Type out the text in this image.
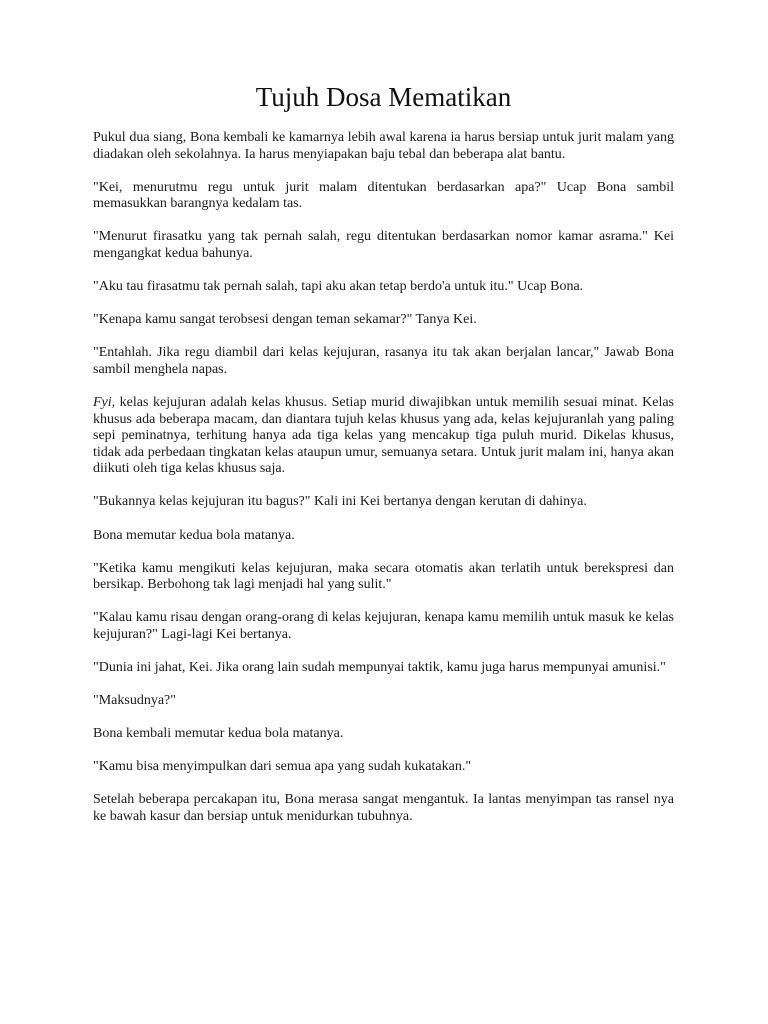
Tujuh Dosa Mematikan

Pukul dua siang, Bona kembali ke kamarnya lebih awal karena ia harus bersiap untuk jurit malam yang diadakan oleh sekolahnya. Ia harus menyiapakan baju tebal dan beberapa alat bantu.

"Kei, menurutmu regu untuk jurit malam ditentukan berdasarkan apa?" Ucap Bona sambil memasukkan barangnya kedalam tas.

"Menurut firasatku yang tak pernah salah, regu ditentukan berdasarkan nomor kamar asrama." Kei mengangkat kedua bahunya.

"Aku tau firasatmu tak pernah salah, tapi aku akan tetap berdo'a untuk itu." Ucap Bona.

"Kenapa kamu sangat terobsesi dengan teman sekamar?" Tanya Kei.

"Entahlah. Jika regu diambil dari kelas kejujuran, rasanya itu tak akan berjalan lancar," Jawab Bona sambil menghela napas.

Fyi, kelas kejujuran adalah kelas khusus. Setiap murid diwajibkan untuk memilih sesuai minat. Kelas khusus ada beberapa macam, dan diantara tujuh kelas khusus yang ada, kelas kejujuranlah yang paling sepi peminatnya, terhitung hanya ada tiga kelas yang mencakup tiga puluh murid. Dikelas khusus, tidak ada perbedaan tingkatan kelas ataupun umur, semuanya setara. Untuk jurit malam ini, hanya akan diikuti oleh tiga kelas khusus saja.

"Bukannya kelas kejujuran itu bagus?" Kali ini Kei bertanya dengan kerutan di dahinya.

Bona memutar kedua bola matanya.

"Ketika kamu mengikuti kelas kejujuran, maka secara otomatis akan terlatih untuk berekspresi dan bersikap. Berbohong tak lagi menjadi hal yang sulit."

"Kalau kamu risau dengan orang-orang di kelas kejujuran, kenapa kamu memilih untuk masuk ke kelas kejujuran?" Lagi-lagi Kei bertanya.

"Dunia ini jahat, Kei. Jika orang lain sudah mempunyai taktik, kamu juga harus mempunyai amunisi."

"Maksudnya?"

Bona kembali memutar kedua bola matanya.

"Kamu bisa menyimpulkan dari semua apa yang sudah kukatakan."

Setelah beberapa percakapan itu, Bona merasa sangat mengantuk. Ia lantas menyimpan tas ransel nya ke bawah kasur dan bersiap untuk menidurkan tubuhnya.
